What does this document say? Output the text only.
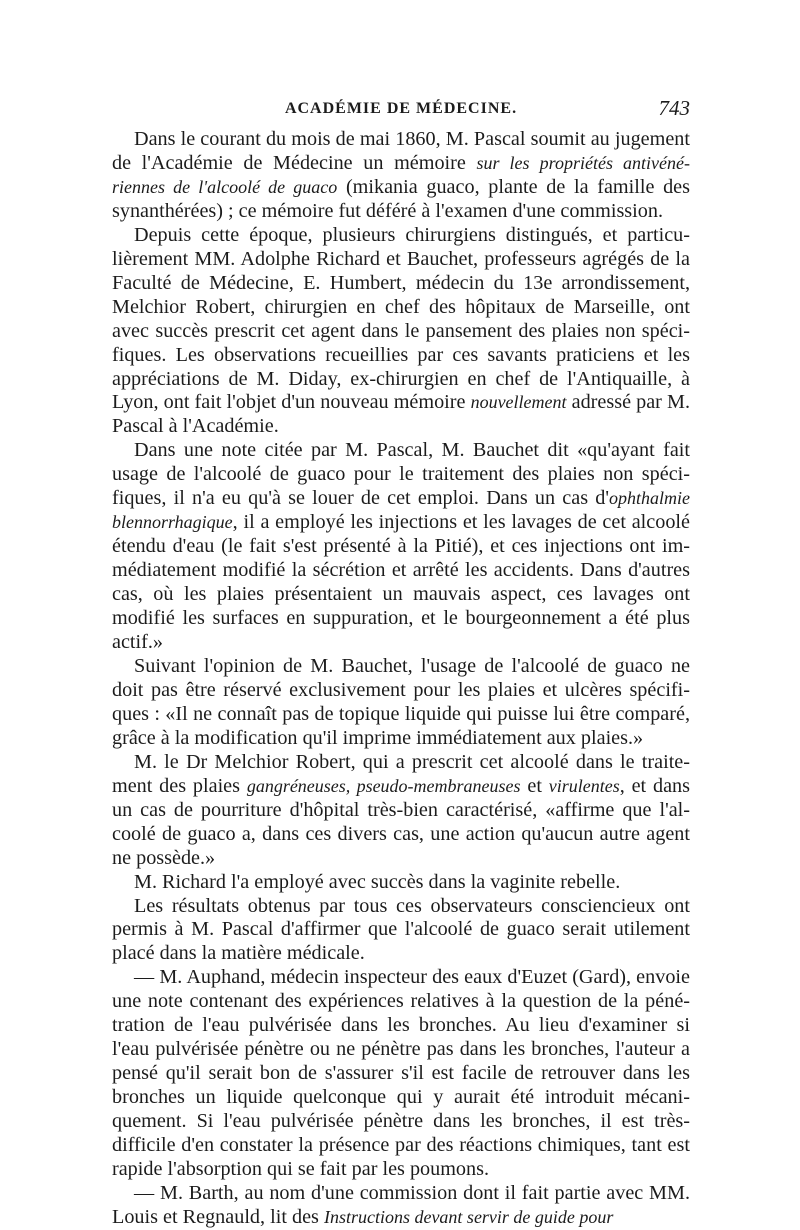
ACADÉMIE DE MÉDECINE.	743

Dans le courant du mois de mai 1860, M. Pascal soumit au jugement de l'Académie de Médecine un mémoire sur les propriétés antivéné- riennes de l'alcoolé de guaco (mikania guaco, plante de la famille des synanthérées) ; ce mémoire fut déféré à l'examen d'une commission.

Depuis cette époque, plusieurs chirurgiens distingués, et particu- lièrement MM. Adolphe Richard et Bauchet, professeurs agrégés de la Faculté de Médecine, E. Humbert, médecin du 13e arrondissement, Melchior Robert, chirurgien en chef des hôpitaux de Marseille, ont avec succès prescrit cet agent dans le pansement des plaies non spéci- fiques. Les observations recueillies par ces savants praticiens et les appréciations de M. Diday, ex-chirurgien en chef de l'Antiquaille, à Lyon, ont fait l'objet d'un nouveau mémoire nouvellement adressé par M. Pascal à l'Académie.

Dans une note citée par M. Pascal, M. Bauchet dit «qu'ayant fait usage de l'alcoolé de guaco pour le traitement des plaies non spéci- fiques, il n'a eu qu'à se louer de cet emploi. Dans un cas d'ophthalmie blennorrhagique, il a employé les injections et les lavages de cet alcoolé étendu d'eau (le fait s'est présenté à la Pitié), et ces injections ont im- médiatement modifié la sécrétion et arrêté les accidents. Dans d'autres cas, où les plaies présentaient un mauvais aspect, ces lavages ont modifié les surfaces en suppuration, et le bourgeonnement a été plus actif.»

Suivant l'opinion de M. Bauchet, l'usage de l'alcoolé de guaco ne doit pas être réservé exclusivement pour les plaies et ulcères spécifi- ques : «Il ne connaît pas de topique liquide qui puisse lui être comparé, grâce à la modification qu'il imprime immédiatement aux plaies.»

M. le Dr Melchior Robert, qui a prescrit cet alcoolé dans le traite- ment des plaies gangréneuses, pseudo-membraneuses et virulentes, et dans un cas de pourriture d'hôpital très-bien caractérisé, «affirme que l'al- coolé de guaco a, dans ces divers cas, une action qu'aucun autre agent ne possède.»

M. Richard l'a employé avec succès dans la vaginite rebelle.

Les résultats obtenus par tous ces observateurs consciencieux ont permis à M. Pascal d'affirmer que l'alcoolé de guaco serait utilement placé dans la matière médicale.

— M. Auphand, médecin inspecteur des eaux d'Euzet (Gard), envoie une note contenant des expériences relatives à la question de la péné- tration de l'eau pulvérisée dans les bronches. Au lieu d'examiner si l'eau pulvérisée pénètre ou ne pénètre pas dans les bronches, l'auteur a pensé qu'il serait bon de s'assurer s'il est facile de retrouver dans les bronches un liquide quelconque qui y aurait été introduit mécani- quement. Si l'eau pulvérisée pénètre dans les bronches, il est très- difficile d'en constater la présence par des réactions chimiques, tant est rapide l'absorption qui se fait par les poumons.

— M. Barth, au nom d'une commission dont il fait partie avec MM. Louis et Regnauld, lit des Instructions devant servir de guide pour
